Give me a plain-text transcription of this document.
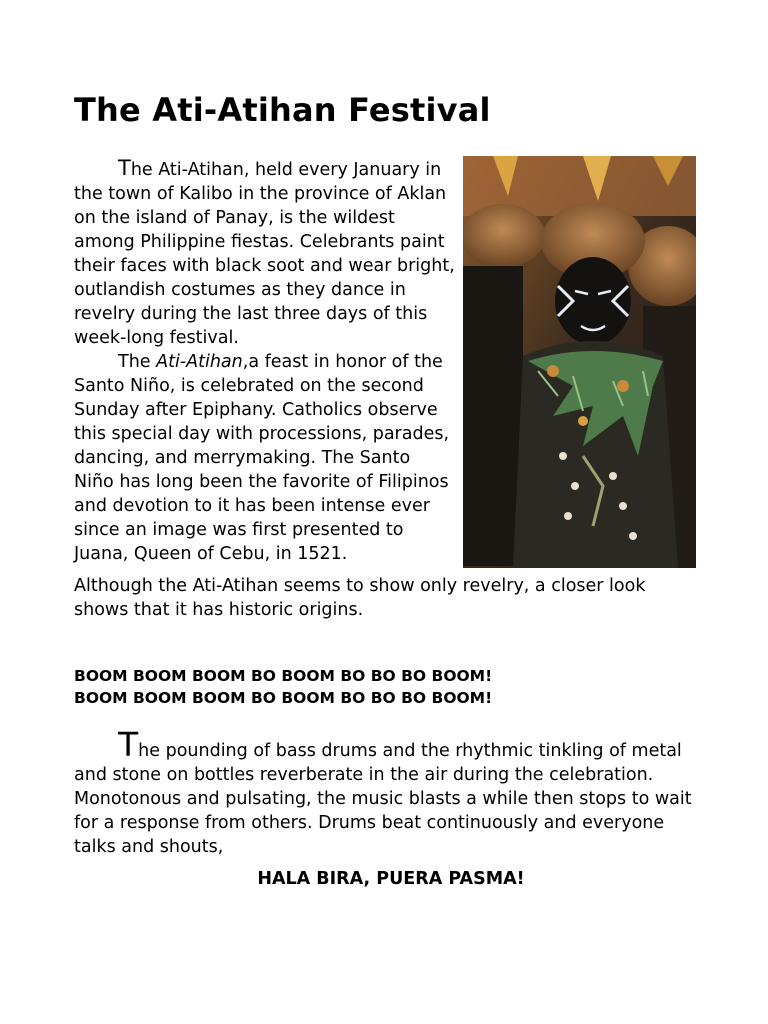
The Ati-Atihan Festival

The Ati-Atihan, held every January in the town of Kalibo in the province of Aklan on the island of Panay, is the wildest among Philippine fiestas. Celebrants paint their faces with black soot and wear bright, outlandish costumes as they dance in revelry during the last three days of this week-long festival.

The Ati-Atihan,a feast in honor of the Santo Niño, is celebrated on the second Sunday after Epiphany. Catholics observe this special day with processions, parades, dancing, and merrymaking. The Santo Niño has long been the favorite of Filipinos and devotion to it has been intense ever since an image was first presented to Juana, Queen of Cebu, in 1521.

Although the Ati-Atihan seems to show only revelry, a closer look shows that it has historic origins.

BOOM BOOM BOOM BO BOOM BO BO BO BOOM!
BOOM BOOM BOOM BO BOOM BO BO BO BOOM!

The pounding of bass drums and the rhythmic tinkling of metal and stone on bottles reverberate in the air during the celebration. Monotonous and pulsating, the music blasts a while then stops to wait for a response from others. Drums beat continuously and everyone talks and shouts,

HALA BIRA, PUERA PASMA!
